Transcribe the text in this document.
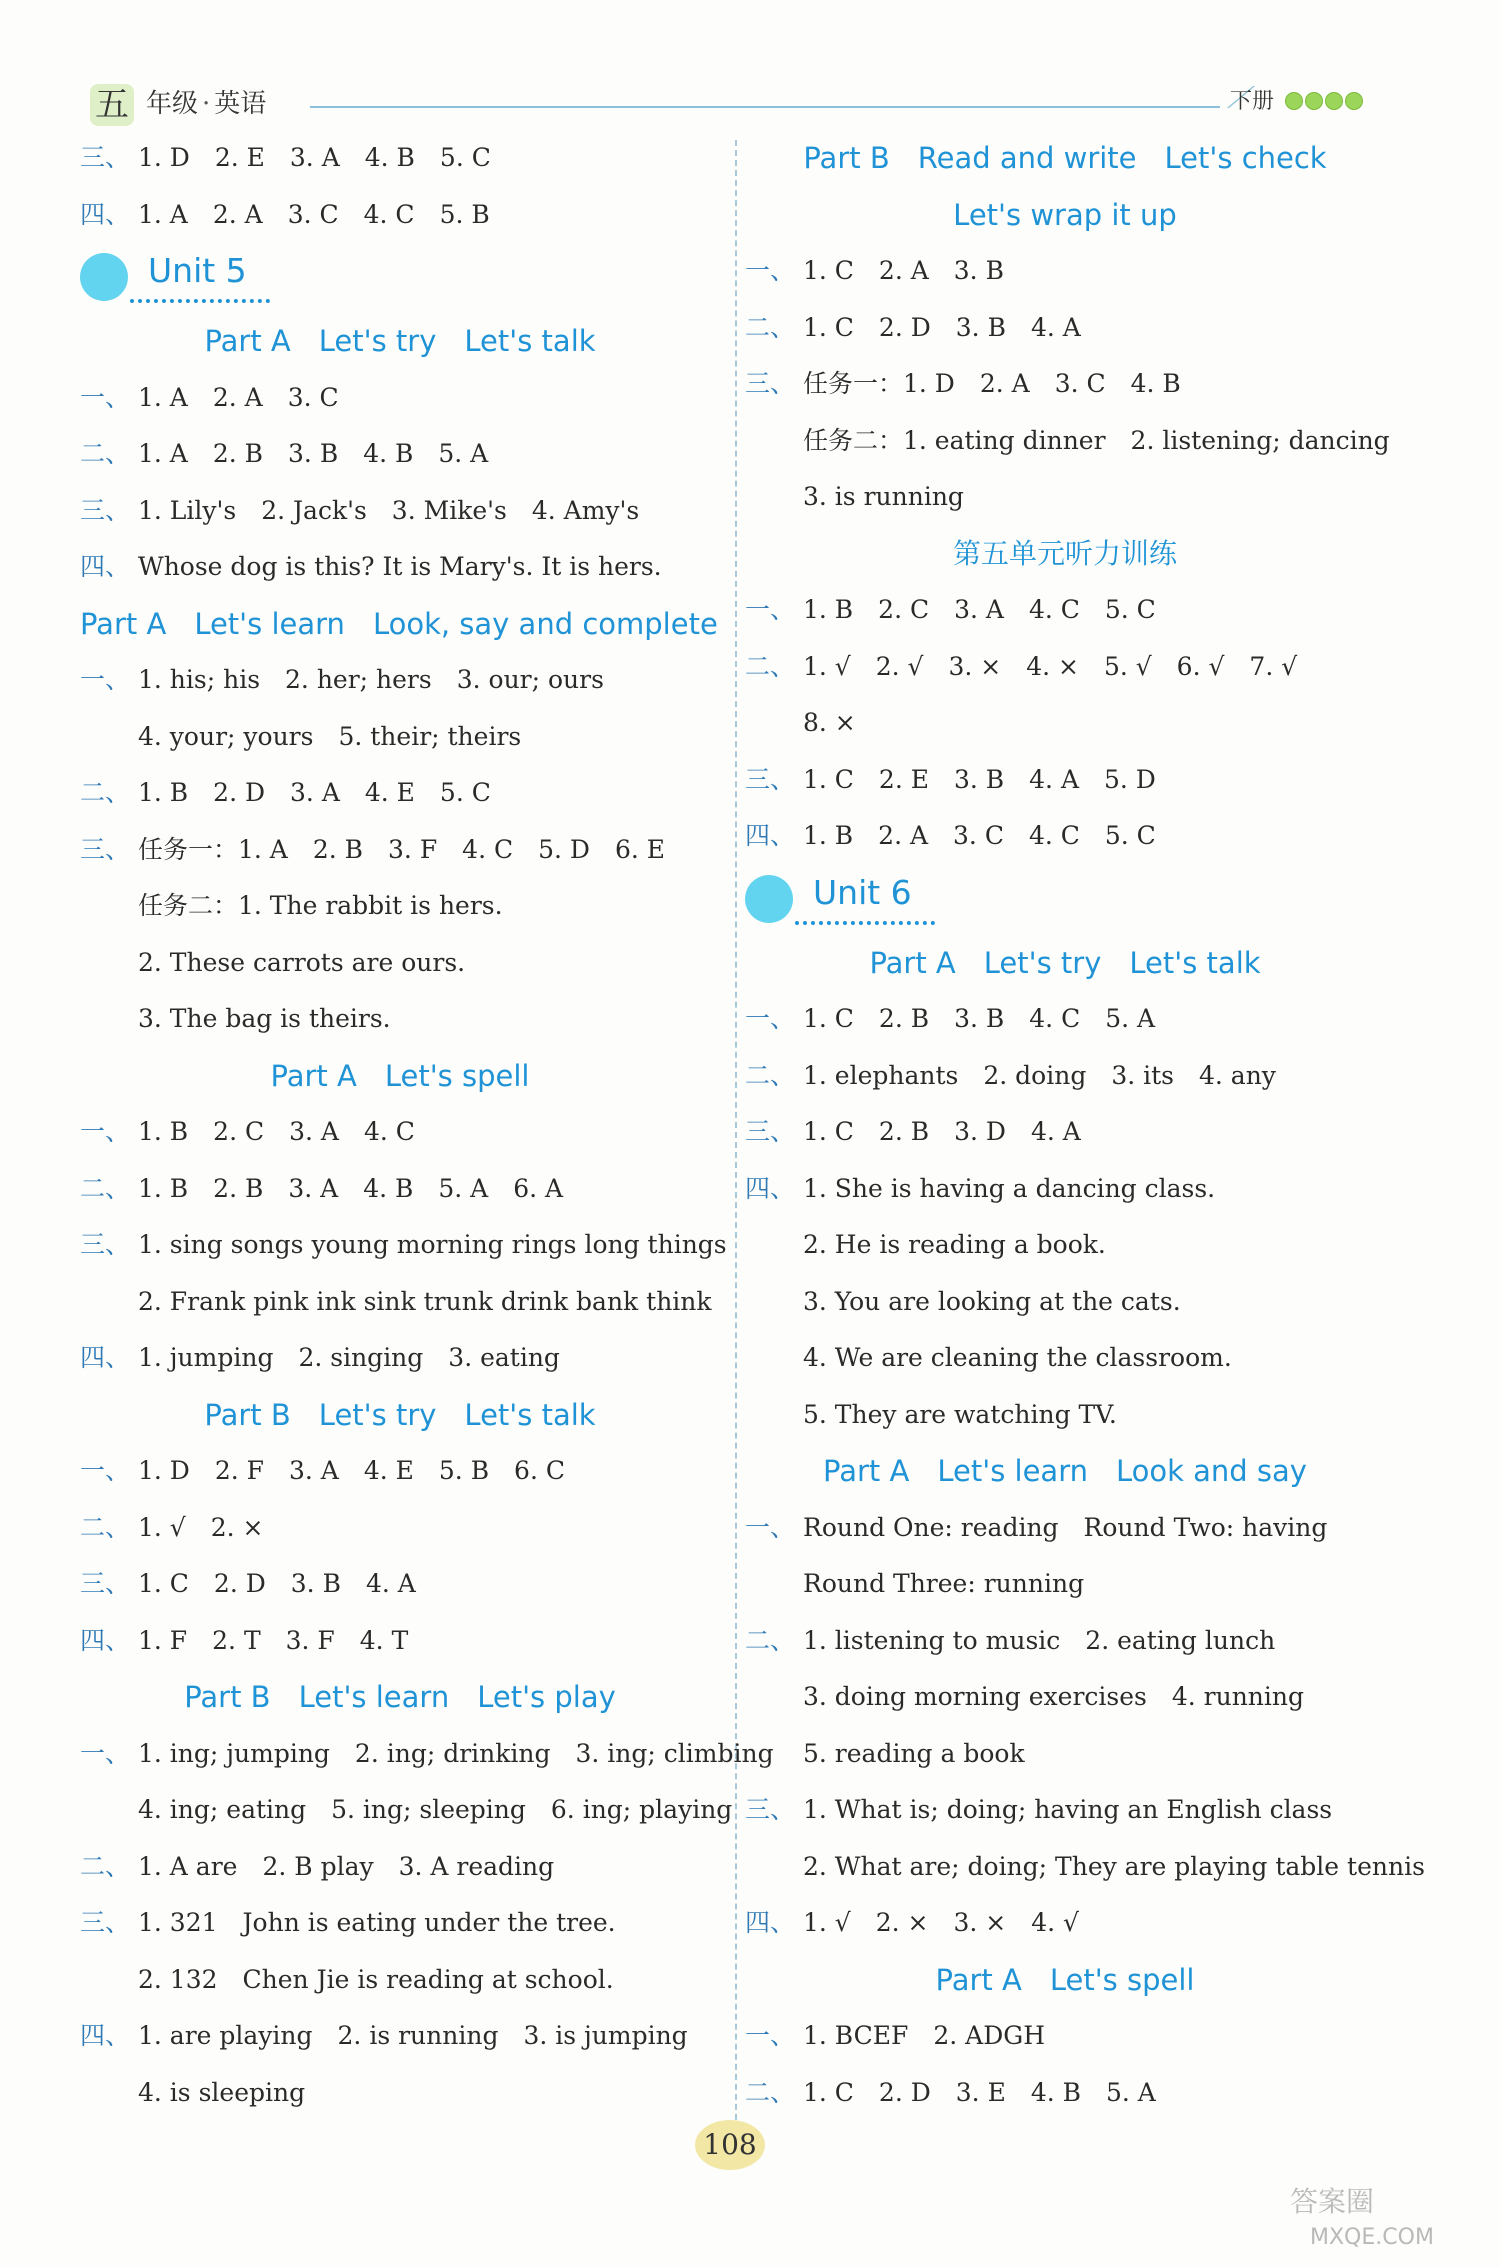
五 年级 · 英语	下册
三、 1. D　2. E　3. A　4. B　5. C
四、 1. A　2. A　3. C　4. C　5. B
Unit 5
Part A Let's try Let's talk
一、 1. A　2. A　3. C
二、 1. A　2. B　3. B　4. B　5. A
三、 1. Lily's　2. Jack's　3. Mike's　4. Amy's
四、 Whose dog is this? It is Mary's. It is hers.
Part A Let's learn Look, say and complete
一、 1. his; his　2. her; hers　3. our; ours
4. your; yours　5. their; theirs
二、 1. B　2. D　3. A　4. E　5. C
三、 任务一：1. A　2. B　3. F　4. C　5. D　6. E
任务二：1. The rabbit is hers.
2. These carrots are ours.
3. The bag is theirs.
Part A Let's spell
一、 1. B　2. C　3. A　4. C
二、 1. B　2. B　3. A　4. B　5. A　6. A
三、 1. sing songs young morning rings long things
2. Frank pink ink sink trunk drink bank think
四、 1. jumping　2. singing　3. eating
Part B Let's try Let's talk
一、 1. D　2. F　3. A　4. E　5. B　6. C
二、 1. √　2. ×
三、 1. C　2. D　3. B　4. A
四、 1. F　2. T　3. F　4. T
Part B Let's learn Let's play
一、 1. ing; jumping　2. ing; drinking　3. ing; climbing
4. ing; eating　5. ing; sleeping　6. ing; playing
二、 1. A are　2. B play　3. A reading
三、 1. 321　John is eating under the tree.
2. 132　Chen Jie is reading at school.
四、 1. are playing　2. is running　3. is jumping
4. is sleeping
Part B Read and write Let's check
Let's wrap it up
一、 1. C　2. A　3. B
二、 1. C　2. D　3. B　4. A
三、 任务一：1. D　2. A　3. C　4. B
任务二：1. eating dinner　2. listening; dancing
3. is running
第五单元听力训练
一、 1. B　2. C　3. A　4. C　5. C
二、 1. √　2. √　3. ×　4. ×　5. √　6. √　7. √
8. ×
三、 1. C　2. E　3. B　4. A　5. D
四、 1. B　2. A　3. C　4. C　5. C
Unit 6
Part A Let's try Let's talk
一、 1. C　2. B　3. B　4. C　5. A
二、 1. elephants　2. doing　3. its　4. any
三、 1. C　2. B　3. D　4. A
四、 1. She is having a dancing class.
2. He is reading a book.
3. You are looking at the cats.
4. We are cleaning the classroom.
5. They are watching TV.
Part A Let's learn Look and say
一、 Round One: reading　Round Two: having
Round Three: running
二、 1. listening to music　2. eating lunch
3. doing morning exercises　4. running
5. reading a book
三、 1. What is; doing; having an English class
2. What are; doing; They are playing table tennis
四、 1. √　2. ×　3. ×　4. √
Part A Let's spell
一、 1. BCEF　2. ADGH
二、 1. C　2. D　3. E　4. B　5. A
108
答案圈
MXQE.COM
